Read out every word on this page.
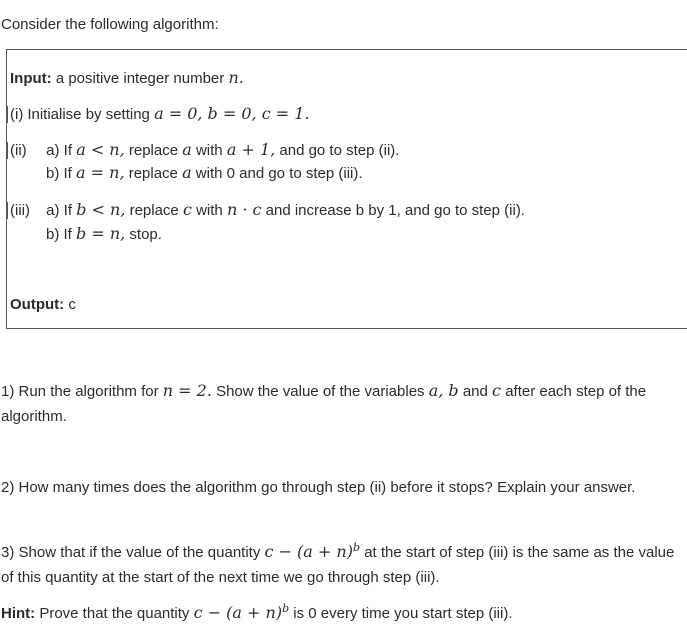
Consider the following algorithm:

Input: a positive integer number n.
(i) Initialise by setting a = 0, b = 0, c = 1.
(ii) a) If a < n, replace a with a + 1, and go to step (ii).
b) If a = n, replace a with 0 and go to step (iii).
(iii) a) If b < n, replace c with n · c and increase b by 1, and go to step (ii).
b) If b = n, stop.
Output: c

1) Run the algorithm for n = 2. Show the value of the variables a, b and c after each step of the algorithm.

2) How many times does the algorithm go through step (ii) before it stops? Explain your answer.

3) Show that if the value of the quantity $c - (a + n)^b$ at the start of step (iii) is the same as the value of this quantity at the start of the next time we go through step (iii).

Hint: Prove that the quantity $c - (a + n)^b$ is 0 every time you start step (iii).
